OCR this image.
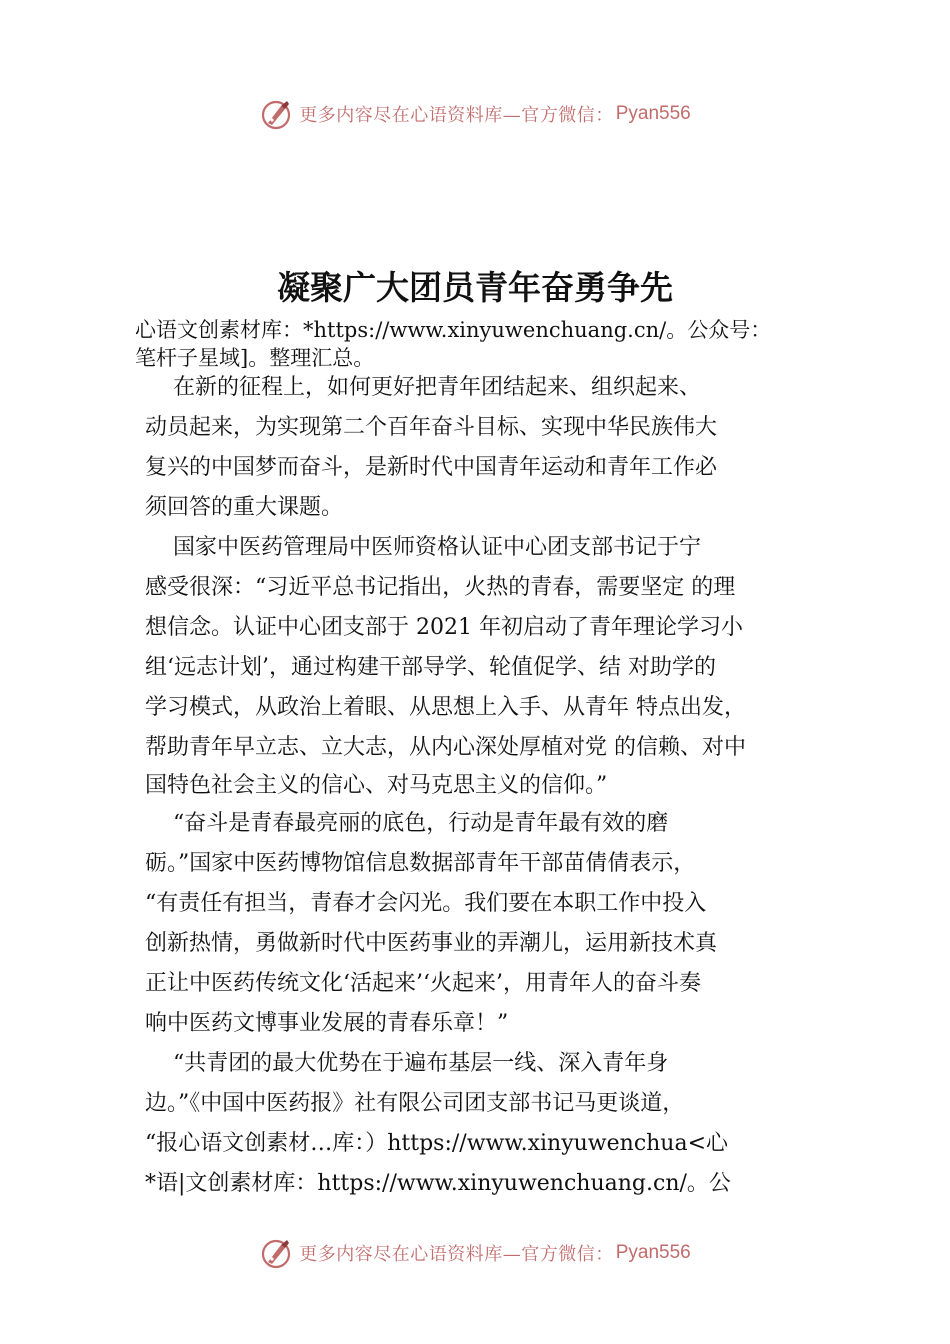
更多内容尽在心语资料库—官方微信： Pyan556
凝聚广大团员青年奋勇争先
心语文创素材库：*https://www.xinyuwenchuang.cn/。公众号：
笔杆子星域]。整理汇总。
在新的征程上，如何更好把青年团结起来、组织起来、
动员起来，为实现第二个百年奋斗目标、实现中华民族伟大
复兴的中国梦而奋斗，是新时代中国青年运动和青年工作必
须回答的重大课题。
国家中医药管理局中医师资格认证中心团支部书记于宁
感受很深：“习近平总书记指出，火热的青春，需要坚定 的理
想信念。认证中心团支部于 2021 年初启动了青年理论学习小
组‘远志计划’，通过构建干部导学、轮值促学、结 对助学的
学习模式，从政治上着眼、从思想上入手、从青年 特点出发，
帮助青年早立志、立大志，从内心深处厚植对党 的信赖、对中
国特色社会主义的信心、对马克思主义的信仰。”
“奋斗是青春最亮丽的底色，行动是青年最有效的磨
砺。”国家中医药博物馆信息数据部青年干部苗倩倩表示，
“有责任有担当，青春才会闪光。我们要在本职工作中投入
创新热情，勇做新时代中医药事业的弄潮儿，运用新技术真
正让中医药传统文化‘活起来’‘火起来’，用青年人的奋斗奏
响中医药文博事业发展的青春乐章！”
“共青团的最大优势在于遍布基层一线、深入青年身
边。”《中国中医药报》社有限公司团支部书记马更谈道，
“报心语文创素材…库：）https://www.xinyuwenchua<心
*语|文创素材库：https://www.xinyuwenchuang.cn/。公
更多内容尽在心语资料库—官方微信： Pyan556
